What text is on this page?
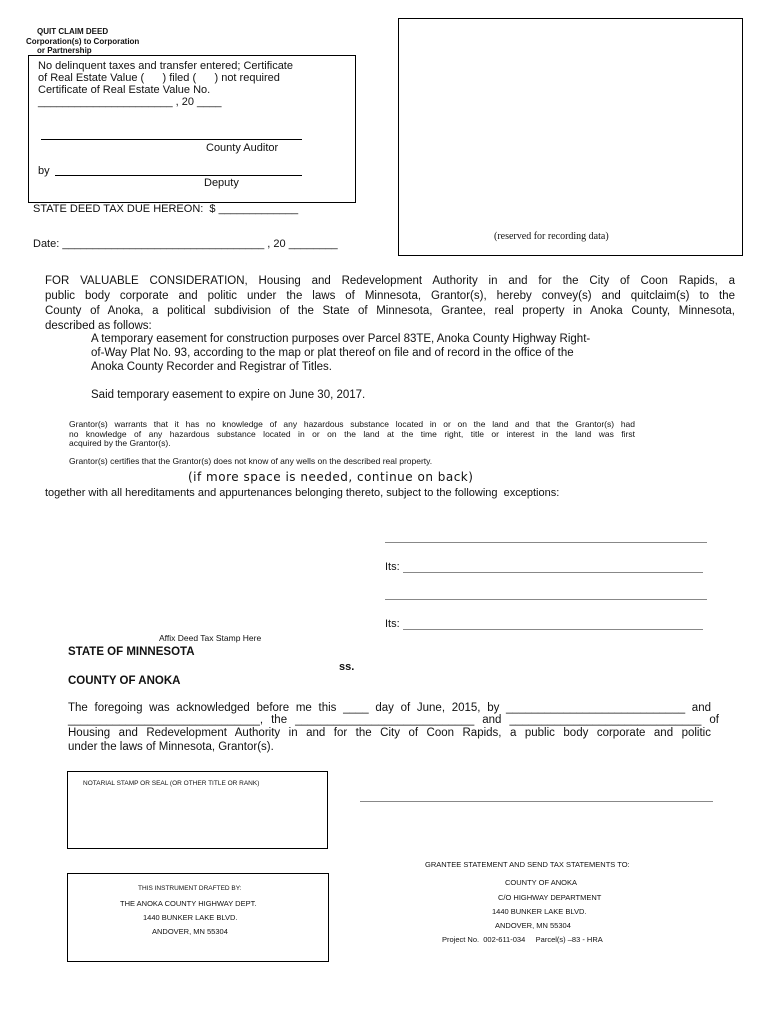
QUIT CLAIM DEED
Corporation(s) to Corporation
or Partnership
No delinquent taxes and transfer entered; Certificate
of Real Estate Value (      ) filed (      ) not required
Certificate of Real Estate Value No.
______________________ , 20 ____
County Auditor
by
Deputy
STATE DEED TAX DUE HEREON:  $ _____________
Date: _________________________________ , 20 ________
(reserved for recording data)
FOR VALUABLE CONSIDERATION, Housing and Redevelopment Authority in and for the City of Coon Rapids, a
public body corporate and politic under the laws of Minnesota, Grantor(s), hereby convey(s) and quitclaim(s) to the
County of Anoka, a political subdivision of the State of Minnesota, Grantee, real property in Anoka County, Minnesota,
described as follows:
A temporary easement for construction purposes over Parcel 83TE, Anoka County Highway Right-
of-Way Plat No. 93, according to the map or plat thereof on file and of record in the office of the
Anoka County Recorder and Registrar of Titles.
Said temporary easement to expire on June 30, 2017.
Grantor(s) warrants that it has no knowledge of any hazardous substance located in or on the land and that the Grantor(s) had
no knowledge of any hazardous substance located in or on the land at the time right, title or interest in the land was first
acquired by the Grantor(s).
Grantor(s) certifies that the Grantor(s) does not know of any wells on the described real property.
(if more space is needed, continue on back)
together with all hereditaments and appurtenances belonging thereto, subject to the following  exceptions:
Its:
Its:
Affix Deed Tax Stamp Here
STATE OF MINNESOTA
ss.
COUNTY OF ANOKA
The foregoing was acknowledged before me this ____ day of June, 2015, by ____________________________ and
______________________________, the ____________________________ and ______________________________ of
Housing and Redevelopment Authority in and for the City of Coon Rapids, a public body corporate and politic
under the laws of Minnesota, Grantor(s).
NOTARIAL STAMP OR SEAL (OR OTHER TITLE OR RANK)
GRANTEE STATEMENT AND SEND TAX STATEMENTS TO:
COUNTY OF ANOKA
C/O HIGHWAY DEPARTMENT
1440 BUNKER LAKE BLVD.
ANDOVER, MN 55304
Project No.  002-611-034     Parcel(s) –83 - HRA
THIS INSTRUMENT DRAFTED BY:
THE ANOKA COUNTY HIGHWAY DEPT.
1440 BUNKER LAKE BLVD.
ANDOVER, MN 55304
